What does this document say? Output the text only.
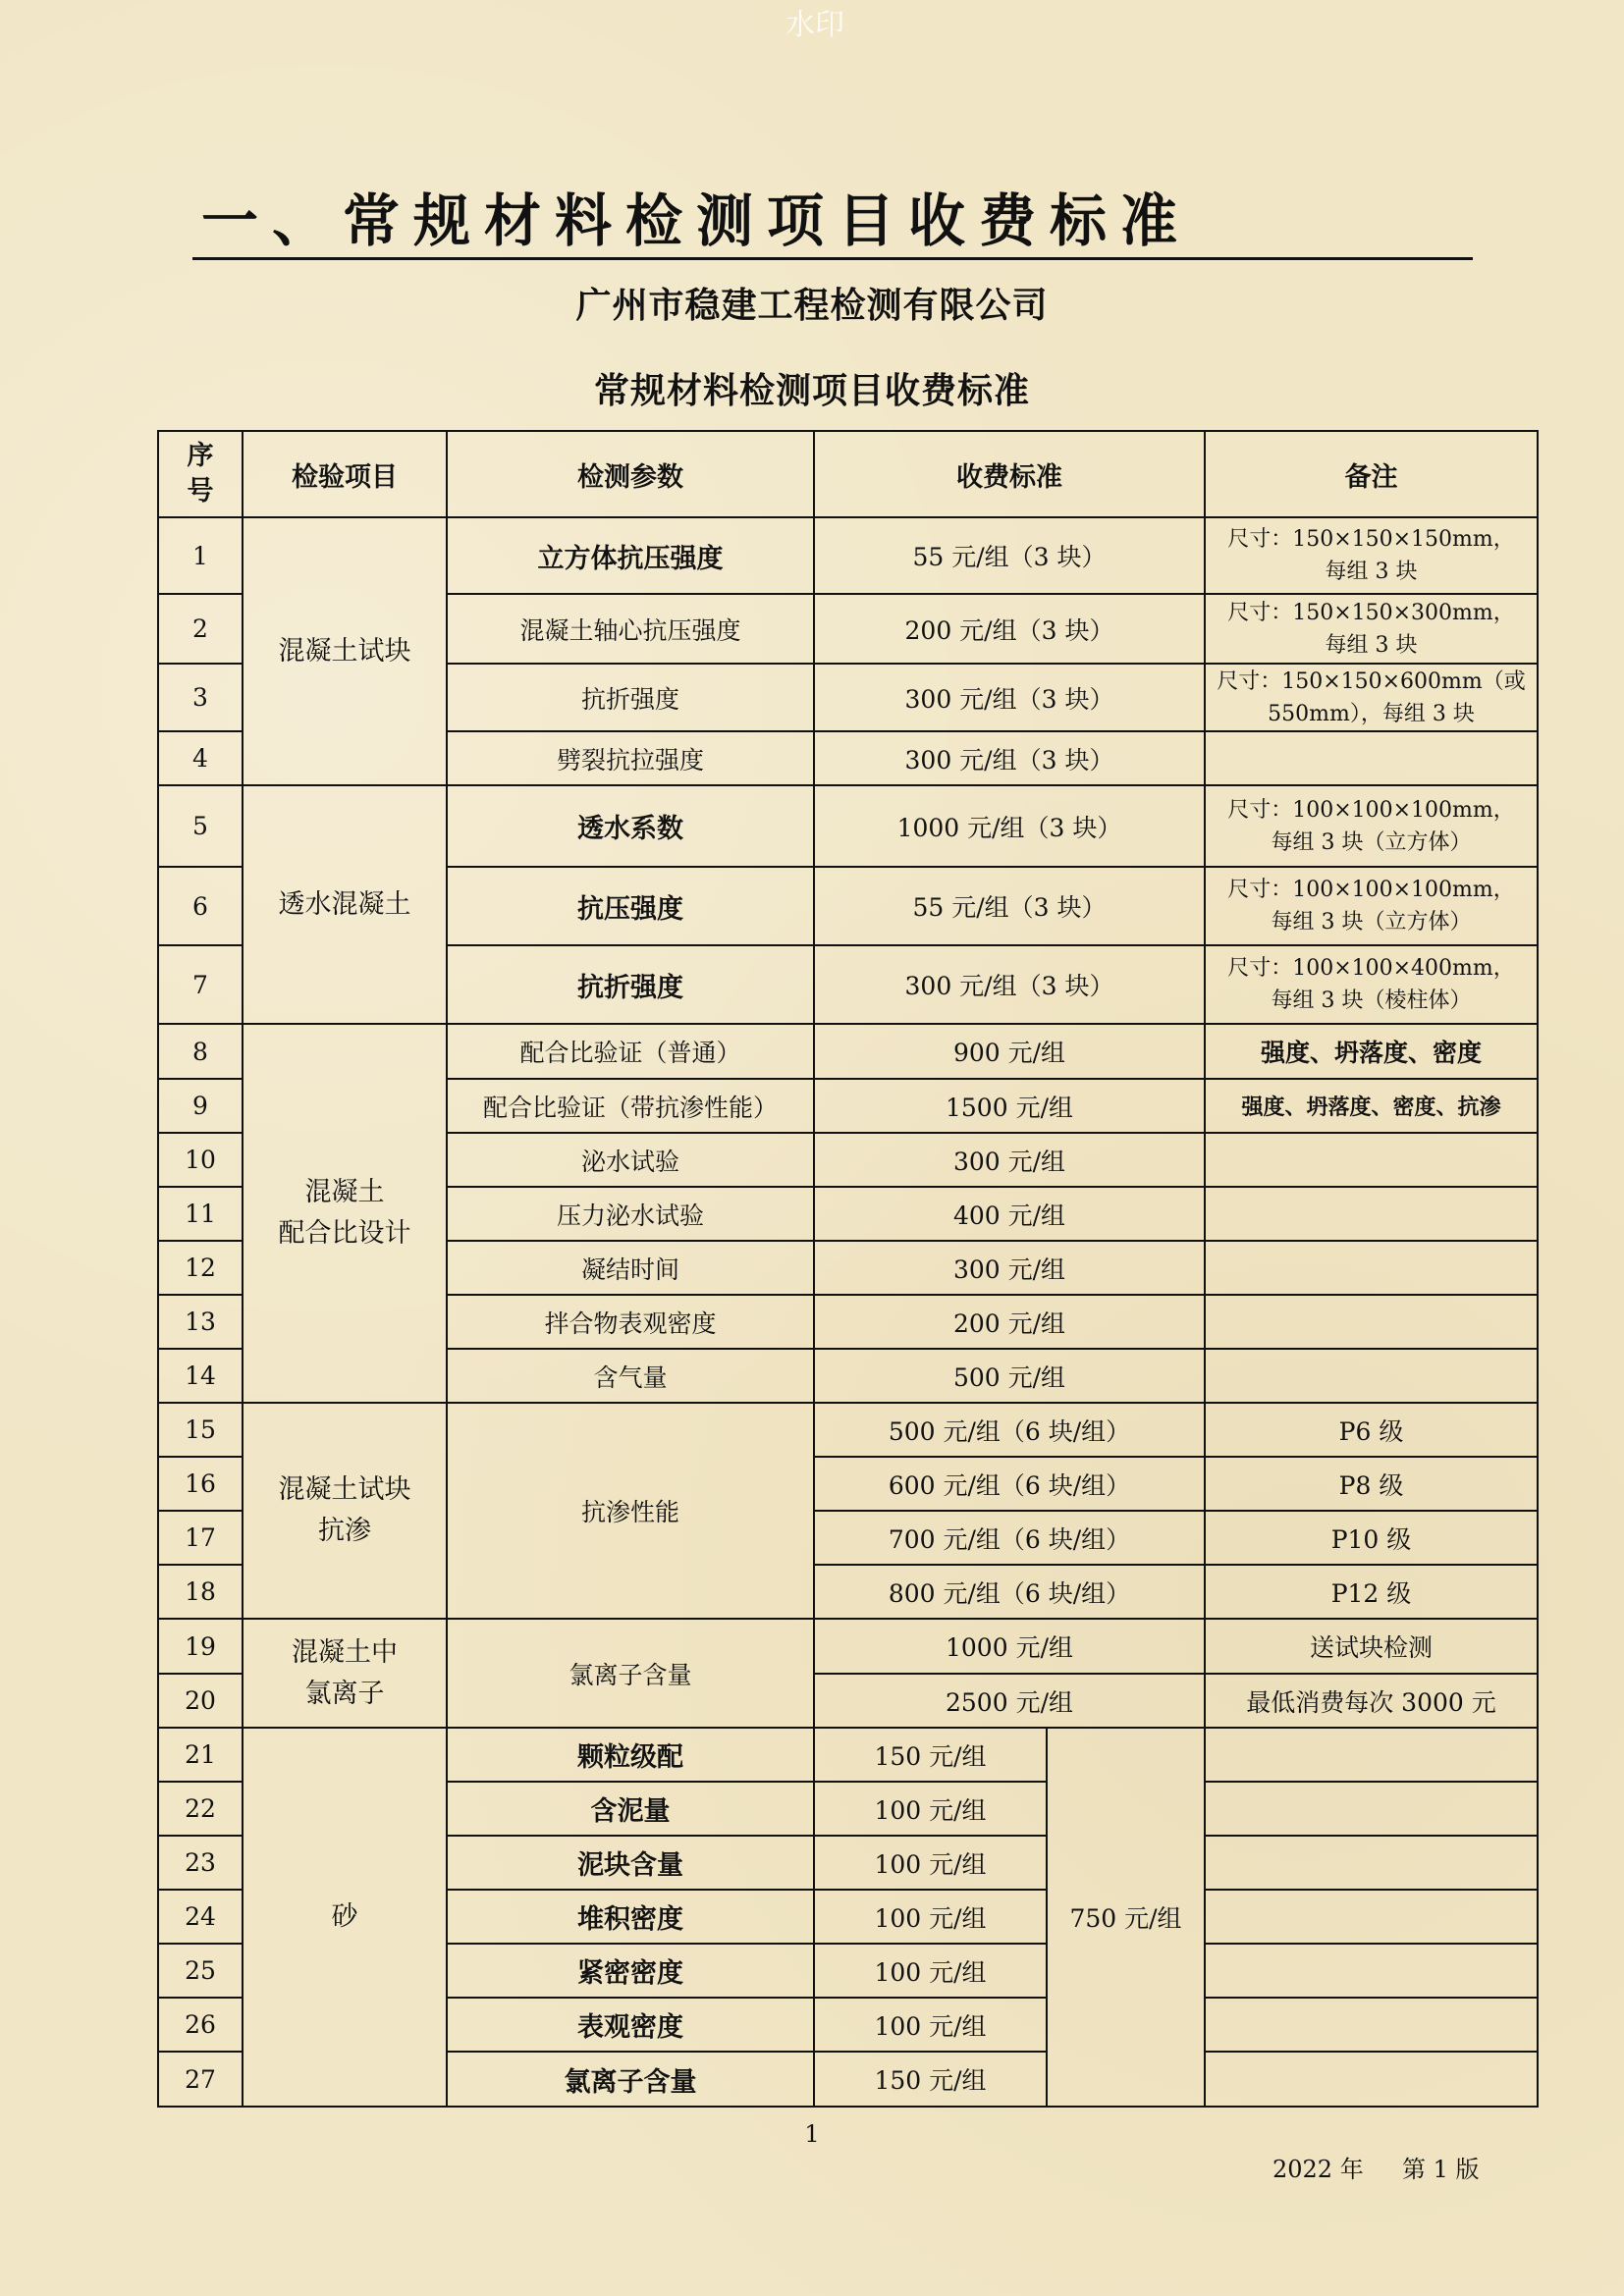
水印
一、常规材料检测项目收费标准
广州市稳建工程检测有限公司
常规材料检测项目收费标准
序
号	检验项目	检测参数	收费标准		备注
1	混凝土试块	立方体抗压强度	55 元/组（3 块）		尺寸：150×150×150mm，
每组 3 块
2		混凝土轴心抗压强度	200 元/组（3 块）		尺寸：150×150×300mm，
每组 3 块
3		抗折强度	300 元/组（3 块）		尺寸：150×150×600mm（或
550mm），每组 3 块
4		劈裂抗拉强度	300 元/组（3 块）		
5	透水混凝土	透水系数	1000 元/组（3 块）		尺寸：100×100×100mm，
每组 3 块（立方体）
6		抗压强度	55 元/组（3 块）		尺寸：100×100×100mm，
每组 3 块（立方体）
7		抗折强度	300 元/组（3 块）		尺寸：100×100×400mm，
每组 3 块（棱柱体）
8	混凝土
配合比设计	配合比验证（普通）	900 元/组		强度、坍落度、密度
9		配合比验证（带抗渗性能）	1500 元/组		强度、坍落度、密度、抗渗
10		泌水试验	300 元/组		
11		压力泌水试验	400 元/组		
12		凝结时间	300 元/组		
13		拌合物表观密度	200 元/组		
14		含气量	500 元/组		
15	混凝土试块
抗渗	抗渗性能	500 元/组（6 块/组）		P6 级
16			600 元/组（6 块/组）		P8 级
17			700 元/组（6 块/组）		P10 级
18			800 元/组（6 块/组）		P12 级
19	混凝土中
氯离子	氯离子含量	1000 元/组		送试块检测
20			2500 元/组		最低消费每次 3000 元
21	砂	颗粒级配	150 元/组	750 元/组	
22		含泥量	100 元/组		
23		泥块含量	100 元/组		
24		堆积密度	100 元/组		
25		紧密密度	100 元/组		
26		表观密度	100 元/组		
27		氯离子含量	150 元/组		
1
2022 年 第 1 版
